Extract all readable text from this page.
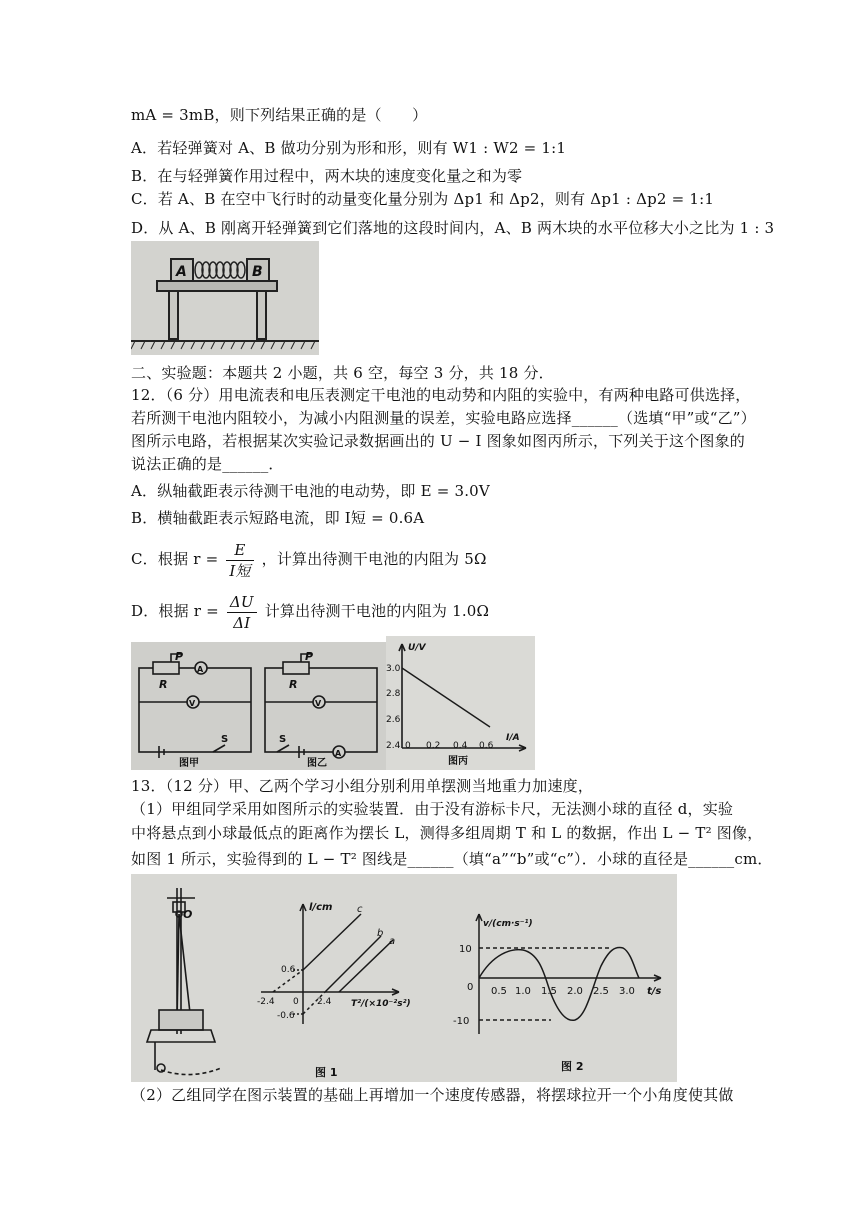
mA = 3mB，则下列结果正确的是（　　）
A．若轻弹簧对 A、B 做功分别为形和形，则有 W1 : W2 = 1:1
B．在与轻弹簧作用过程中，两木块的速度变化量之和为零
C．若 A、B 在空中飞行时的动量变化量分别为 Δp1 和 Δp2，则有 Δp1 : Δp2 = 1:1
D．从 A、B 刚离开轻弹簧到它们落地的这段时间内，A、B 两木块的水平位移大小之比为 1 : 3
A	B
二、实验题：本题共 2 小题，共 6 空，每空 3 分，共 18 分．
12．（6 分）用电流表和电压表测定干电池的电动势和内阻的实验中，有两种电路可供选择，
若所测干电池内阻较小，为减小内阻测量的误差，实验电路应选择______（选填“甲”或“乙”）
图所示电路，若根据某次实验记录数据画出的 U − I 图象如图丙所示，下列关于这个图象的
说法正确的是______．
A．纵轴截距表示待测干电池的电动势，即 E = 3.0V
B．横轴截距表示短路电流，即 I短 = 0.6A
C．根据 $r = \frac{E}{\text{I短}}$ ，计算出待测干电池的内阻为 5Ω
D．根据 $r = \frac{\Delta U}{\Delta I}$ 计算出待测干电池的内阻为 1.0Ω
P
R
A
V
S
图甲
P
R
V
A
S
图乙
U/V
I/A
3.0
2.8
2.6
2.4 0 0.2 0.4 0.6
图丙
13．（12 分）甲、乙两个学习小组分别利用单摆测当地重力加速度，
（1）甲组同学采用如图所示的实验装置．由于没有游标卡尺，无法测小球的直径 d，实验
中将悬点到小球最低点的距离作为摆长 L，测得多组周期 T 和 L 的数据，作出 L − T² 图像，
如图 1 所示，实验得到的 L − T² 图线是______（填“a”“b”或“c”）．小球的直径是______cm．
O
l/cm
T²/(×10⁻²s²)
c
b
a
0.6
-0.6
-2.4 0 2.4
图 1
v/(cm·s⁻¹)
t/s
10
0
-10
0.5 1.0 1.5 2.0 2.5 3.0
图 2
（2）乙组同学在图示装置的基础上再增加一个速度传感器，将摆球拉开一个小角度使其做
